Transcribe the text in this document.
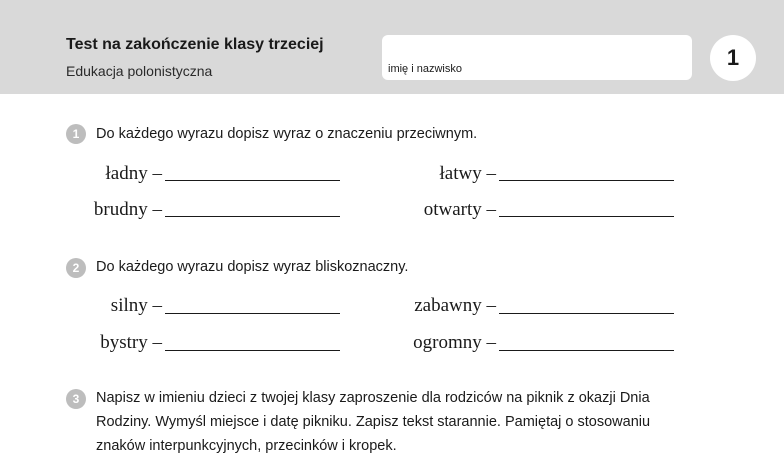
Test na zakończenie klasy trzeciej
Edukacja polonistyczna	imię i nazwisko	1
1	Do każdego wyrazu dopisz wyraz o znaczeniu przeciwnym.
ładny –	łatwy –
brudny –	otwarty –
2	Do każdego wyrazu dopisz wyraz bliskoznaczny.
silny –	zabawny –
bystry –	ogromny –
3	Napisz w imieniu dzieci z twojej klasy zaproszenie dla rodziców na piknik z okazji Dnia
Rodziny. Wymyśl miejsce i datę pikniku. Zapisz tekst starannie. Pamiętaj o stosowaniu
znaków interpunkcyjnych, przecinków i kropek.
